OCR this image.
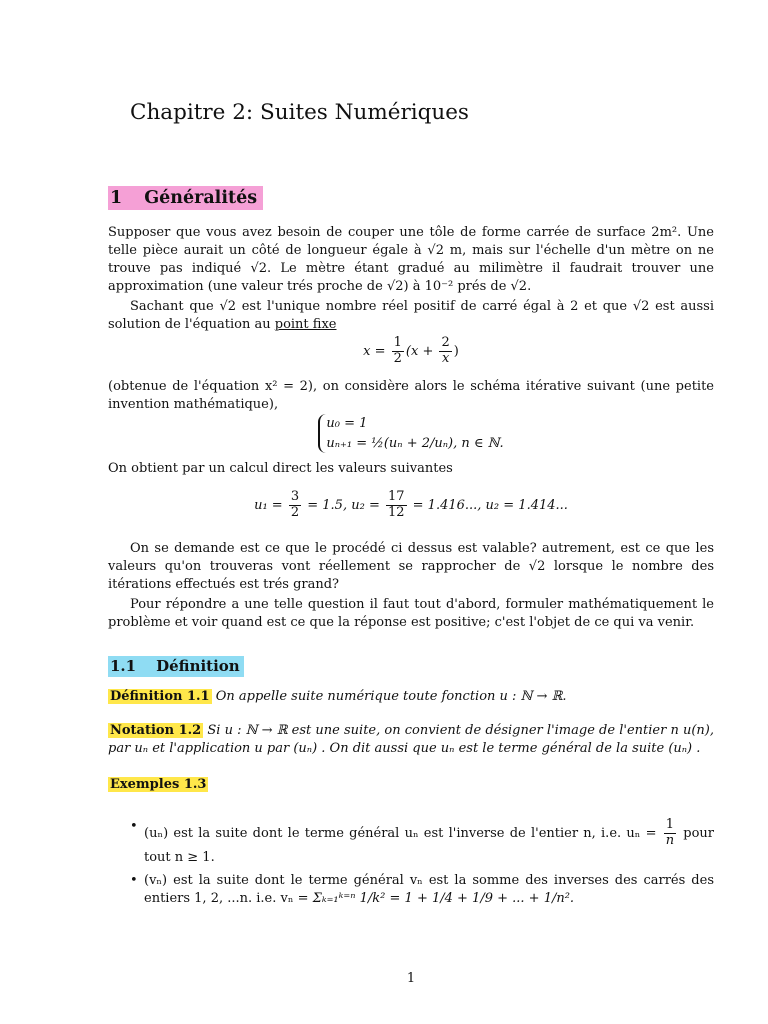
Chapitre 2: Suites Numériques
1 Généralités
Supposer que vous avez besoin de couper une tôle de forme carrée de surface 2m². Une telle pièce aurait un côté de longueur égale à √2 m, mais sur l'échelle d'un mètre on ne trouve pas indiqué √2. Le mètre étant gradué au milimètre il faudrait trouver une approximation (une valeur trés proche de √2) à 10⁻² prés de √2.
Sachant que √2 est l'unique nombre réel positif de carré égal à 2 et que √2 est aussi solution de l'équation au point fixe
$x = \frac{1}{2} (x + \frac{2}{x}$ )
(obtenue de l'équation x² = 2), on considère alors le schéma itérative suivant (une petite invention mathématique),
u₀ = 1
uₙ₊₁ = ½(uₙ + 2/uₙ), n ∈ ℕ.
On obtient par un calcul direct les valeurs suivantes
$u_1 = \frac{3}{2} = 1.5$, $u_2 = \frac{17}{12} = 1.416$..., u₂ = 1.414...
On se demande est ce que le procédé ci dessus est valable? autrement, est ce que les valeurs qu'on trouveras vont réellement se rapprocher de √2 lorsque le nombre des itérations effectués est trés grand?
Pour répondre a une telle question il faut tout d'abord, formuler mathématiquement le problème et voir quand est ce que la réponse est positive; c'est l'objet de ce qui va venir.
1.1 Définition
Définition 1.1 On appelle suite numérique toute fonction u : ℕ → ℝ.
Notation 1.2 Si u : ℕ → ℝ est une suite, on convient de désigner l'image de l'entier n u(n), par uₙ et l'application u par (uₙ) . On dit aussi que uₙ est le terme général de la suite (uₙ) .
Exemples 1.3
• (uₙ) est la suite dont le terme général uₙ est l'inverse de l'entier n, i.e. $u_n = \frac{1}{n}$ pour tout n ≥ 1.
• (vₙ) est la suite dont le terme général vₙ est la somme des inverses des carrés des entiers 1, 2, ...n. i.e. vₙ = Σₖ₌₁ᵏ⁼ⁿ 1/k² = 1 + 1/4 + 1/9 + ... + 1/n².
1
